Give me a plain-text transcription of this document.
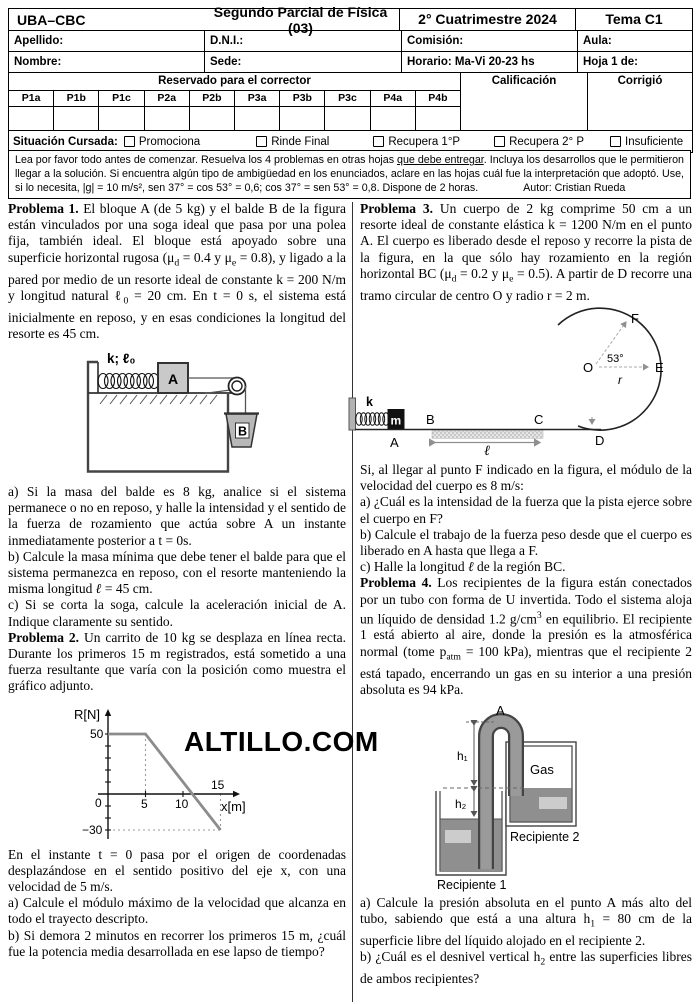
UBA–CBC	Segundo Parcial de Física (03)
2° Cuatrimestre 2024	Tema C1
Apellido:	D.N.I.:	Comisión:	Aula:
Nombre:	Sede:	Horario: Ma-Vi 20-23 hs	Hoja 1 de:
Reservado para el corrector
P1a	P1b	P1c	P2a	P2b	P3a	P3b	P3c	P4a	P4b
Calificación	Corrigió
Situación Cursada: Promociona	Rinde Final	Recupera 1°P	Recupera 2° P	Insuficiente
Lea por favor todo antes de comenzar. Resuelva los 4 problemas en otras hojas que debe entregar. Incluya los desarrollos que le permitieron llegar a la solución. Si encuentra algún tipo de ambigüedad en los enunciados, aclare en las hojas cuál fue la interpretación que adoptó. Use, si lo necesita, |g| = 10 m/s², sen 37° = cos 53° = 0,6; cos 37° = sen 53° = 0,8. Dispone de 2 horas.	Autor: Cristian Rueda

Problema 1. El bloque A (de 5 kg) y el balde B de la figura están vinculados por una soga ideal que pasa por una polea fija, también ideal. El bloque está apoyado sobre una superficie horizontal rugosa ($\mu_d = 0.4$ y $\mu_e = 0.8$), y ligado a la pared por medio de un resorte ideal de constante k = 200 N/m y longitud natural ℓ$_0$ = 20 cm. En t = 0 s, el sistema está inicialmente en reposo, y en esas condiciones la longitud del resorte es 45 cm.

k; ℓ₀
A
B

a) Si la masa del balde es 8 kg, analice si el sistema permanece o no en reposo, y halle la intensidad y el sentido de la fuerza de rozamiento que actúa sobre A un instante inmediatamente posterior a t = 0s.

b) Calcule la masa mínima que debe tener el balde para que el sistema permanezca en reposo, con el resorte manteniendo la misma longitud ℓ = 45 cm.

c) Si se corta la soga, calcule la aceleración inicial de A. Indique claramente su sentido.

Problema 2. Un carrito de 10 kg se desplaza en línea recta. Durante los primeros 15 m registrados, está sometido a una fuerza resultante que varía con la posición como muestra el gráfico adjunto.

R[N]
50
0
−30
5 10
15
x[m]

En el instante t = 0 pasa por el origen de coordenadas desplazándose en el sentido positivo del eje x, con una velocidad de 5 m/s.

a) Calcule el módulo máximo de la velocidad que alcanza en todo el trayecto descripto.

b) Si demora 2 minutos en recorrer los primeros 15 m, ¿cuál fue la potencia media desarrollada en ese lapso de tiempo?

Problema 3. Un cuerpo de 2 kg comprime 50 cm a un resorte ideal de constante elástica k = 1200 N/m en el punto A. El cuerpo es liberado desde el reposo y recorre la pista de la figura, en la que sólo hay rozamiento en la región horizontal BC ($\mu_d = 0.2$ y $\mu_e = 0.5$). A partir de D recorre una tramo circular de centro O y radio r = 2 m.

k
m
A
B	C
ℓ
D
O
53°
r
F
E

Si, al llegar al punto F indicado en la figura, el módulo de la velocidad del cuerpo es 8 m/s:

a) ¿Cuál es la intensidad de la fuerza que la pista ejerce sobre el cuerpo en F?

b) Calcule el trabajo de la fuerza peso desde que el cuerpo es liberado en A hasta que llega a F.

c) Halle la longitud ℓ de la región BC.

Problema 4. Los recipientes de la figura están conectados por un tubo con forma de U invertida. Todo el sistema aloja un líquido de densidad 1.2 $g/cm^3$ en equilibrio. El recipiente 1 está abierto al aire, donde la presión es la atmosférica normal (tome $p_{atm} = 100$ kPa), mientras que el recipiente 2 está tapado, encerrando un gas en su interior a una presión absoluta es 94 kPa.

Gas
h₁
h₂
A
Recipiente 1
Recipiente 2

a) Calcule la presión absoluta en el punto A más alto del tubo, sabiendo que está a una altura $h_1 = 80$ cm de la superficie libre del líquido alojado en el recipiente 2.

b) ¿Cuál es el desnivel vertical $h_2$ entre las superficies libres de ambos recipientes?

ALTILLO.COM
